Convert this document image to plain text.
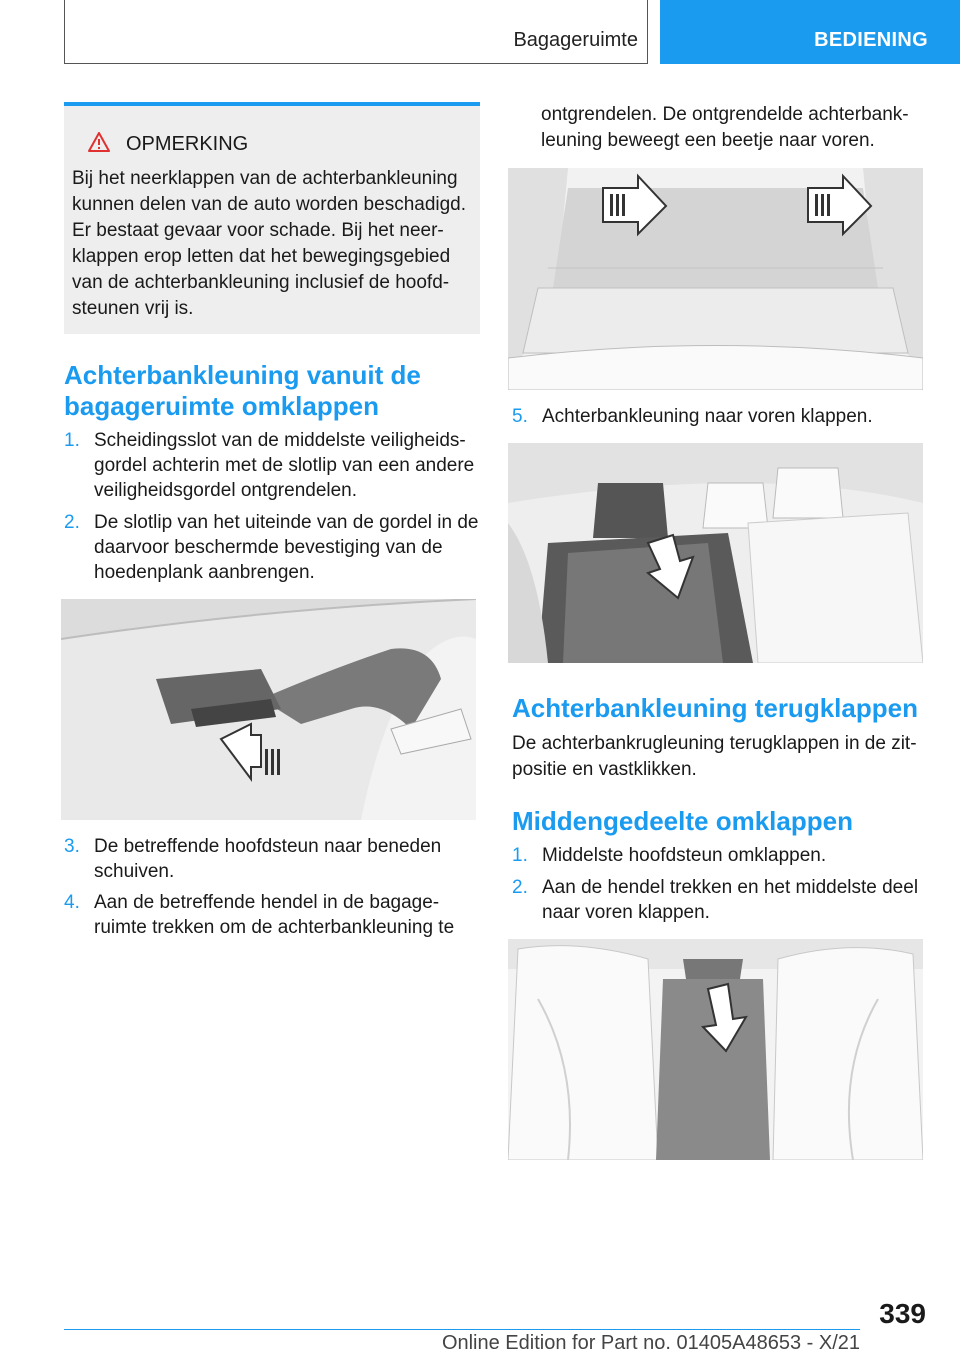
Bagageruimte	BEDIENING
OPMERKING
Bij het neerklappen van de achterbankleuning
kunnen delen van de auto worden beschadigd.
Er bestaat gevaar voor schade. Bij het neer-
klappen erop letten dat het bewegingsgebied
van de achterbankleuning inclusief de hoofd-
steunen vrij is.
Achterbankleuning vanuit de
bagageruimte omklappen
1. Scheidingsslot van de middelste veiligheids-
gordel achterin met de slotlip van een andere
veiligheidsgordel ontgrendelen.
2. De slotlip van het uiteinde van de gordel in de
daarvoor beschermde bevestiging van de
hoedenplank aanbrengen.
3. De betreffende hoofdsteun naar beneden
schuiven.
4. Aan de betreffende hendel in de bagage-
ruimte trekken om de achterbankleuning te
ontgrendelen. De ontgrendelde achterbank-
leuning beweegt een beetje naar voren.
5. Achterbankleuning naar voren klappen.
Achterbankleuning terugklappen
De achterbankrugleuning terugklappen in de zit-
positie en vastklikken.
Middengedeelte omklappen
1. Middelste hoofdsteun omklappen.
2. Aan de hendel trekken en het middelste deel
naar voren klappen.
339
Online Edition for Part no. 01405A48653 - X/21
